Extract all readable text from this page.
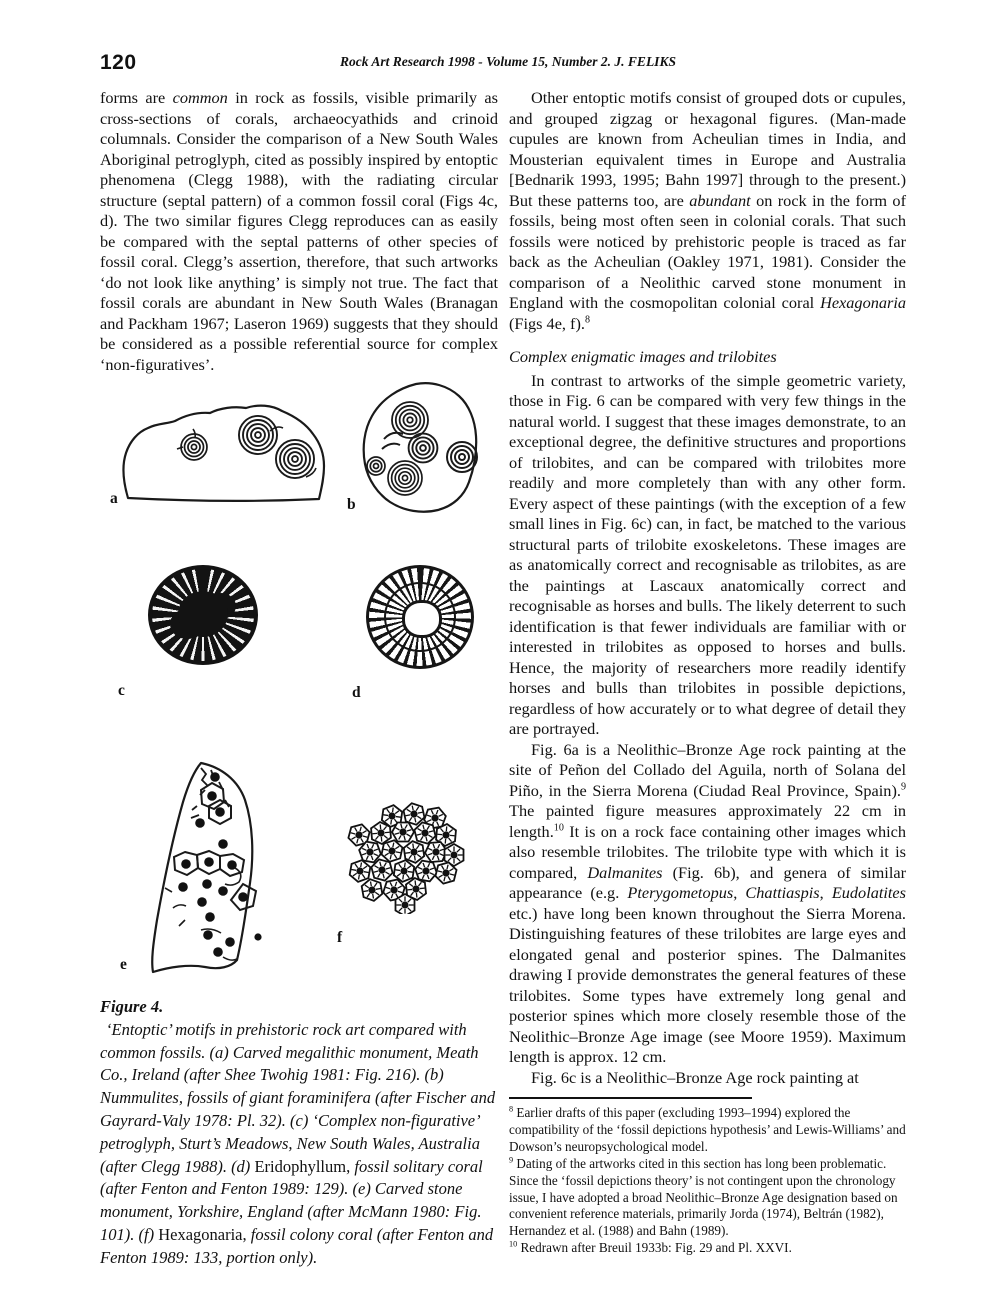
120	Rock Art Research 1998 - Volume 15, Number 2. J. FELIKS

forms are common in rock as fossils, visible primarily as cross-sections of corals, archaeocyathids and crinoid columnals. Consider the comparison of a New South Wales Aboriginal petroglyph, cited as possibly inspired by entoptic phenomena (Clegg 1988), with the radiating circular structure (septal pattern) of a common fossil coral (Figs 4c, d). The two similar figures Clegg reproduces can as easily be compared with the septal patterns of other species of fossil coral. Clegg’s assertion, therefore, that such artworks ‘do not look like anything’ is simply not true. The fact that fossil corals are abundant in New South Wales (Branagan and Packham 1967; Laseron 1969) suggests that they should be considered as a possible referential source for complex ‘non-figuratives’.

a	b
c	d
e
f
Figure 4.
‘Entoptic’ motifs in prehistoric rock art compared with common fossils. (a) Carved megalithic monument, Meath Co., Ireland (after Shee Twohig 1981: Fig. 216). (b) Nummulites, fossils of giant foraminifera (after Fischer and Gayrard-Valy 1978: Pl. 32). (c) ‘Complex non-figurative’ petroglyph, Sturt’s Meadows, New South Wales, Australia (after Clegg 1988). (d) Eridophyllum, fossil solitary coral (after Fenton and Fenton 1989: 129). (e) Carved stone monument, Yorkshire, England (after McMann 1980: Fig. 101). (f) Hexagonaria, fossil colony coral (after Fenton and Fenton 1989: 133, portion only).

Other entoptic motifs consist of grouped dots or cupules, and grouped zigzag or hexagonal figures. (Man-made cupules are known from Acheulian times in India, and Mousterian equivalent times in Europe and Australia [Bednarik 1993, 1995; Bahn 1997] through to the present.) But these patterns too, are abundant on rock in the form of fossils, being most often seen in colonial corals. That such fossils were noticed by prehistoric people is traced as far back as the Acheulian (Oakley 1971, 1981). Consider the comparison of a Neolithic carved stone monument in England with the cosmopolitan colonial coral Hexagonaria (Figs 4e, f).$^8$

Complex enigmatic images and trilobites

In contrast to artworks of the simple geometric variety, those in Fig. 6 can be compared with very few things in the natural world. I suggest that these images demonstrate, to an exceptional degree, the definitive structures and proportions of trilobites, and can be compared with trilobites more readily and more completely than with any other form. Every aspect of these paintings (with the exception of a few small lines in Fig. 6c) can, in fact, be matched to the various structural parts of trilobite exoskeletons. These images are as anatomically correct and recognisable as trilobites, as are the paintings at Lascaux anatomically correct and recognisable as horses and bulls. The likely deterrent to such identification is that fewer individuals are familiar with or interested in trilobites as opposed to horses and bulls. Hence, the majority of researchers more readily identify horses and bulls than trilobites in possible depictions, regardless of how accurately or to what degree of detail they are portrayed.

Fig. 6a is a Neolithic–Bronze Age rock painting at the site of Peñon del Collado del Aguila, north of Solana del Piño, in the Sierra Morena (Ciudad Real Province, Spain).$^9$ The painted figure measures approximately 22 cm in length.$^{10}$ It is on a rock face containing other images which also resemble trilobites. The trilobite type with which it is compared, Dalmanites (Fig. 6b), and genera of similar appearance (e.g. Pterygometopus, Chattiaspis, Eudolatites etc.) have long been known throughout the Sierra Morena. Distinguishing features of these trilobites are large eyes and elongated genal and posterior spines. The Dalmanites drawing I provide demonstrates the general features of these trilobites. Some types have extremely long genal and posterior spines which more closely resemble those of the Neolithic–Bronze Age image (see Moore 1959). Maximum length is approx. 12 cm.

Fig. 6c is a Neolithic–Bronze Age rock painting at

$^8$ Earlier drafts of this paper (excluding 1993–1994) explored the compatibility of the ‘fossil depictions hypothesis’ and Lewis-Williams’ and Dowson’s neuropsychological model.

$^9$ Dating of the artworks cited in this section has long been problematic. Since the ‘fossil depictions theory’ is not contingent upon the chronology issue, I have adopted a broad Neolithic–Bronze Age designation based on convenient reference materials, primarily Jorda (1974), Beltrán (1982), Hernandez et al. (1988) and Bahn (1989).

$^{10}$ Redrawn after Breuil 1933b: Fig. 29 and Pl. XXVI.
